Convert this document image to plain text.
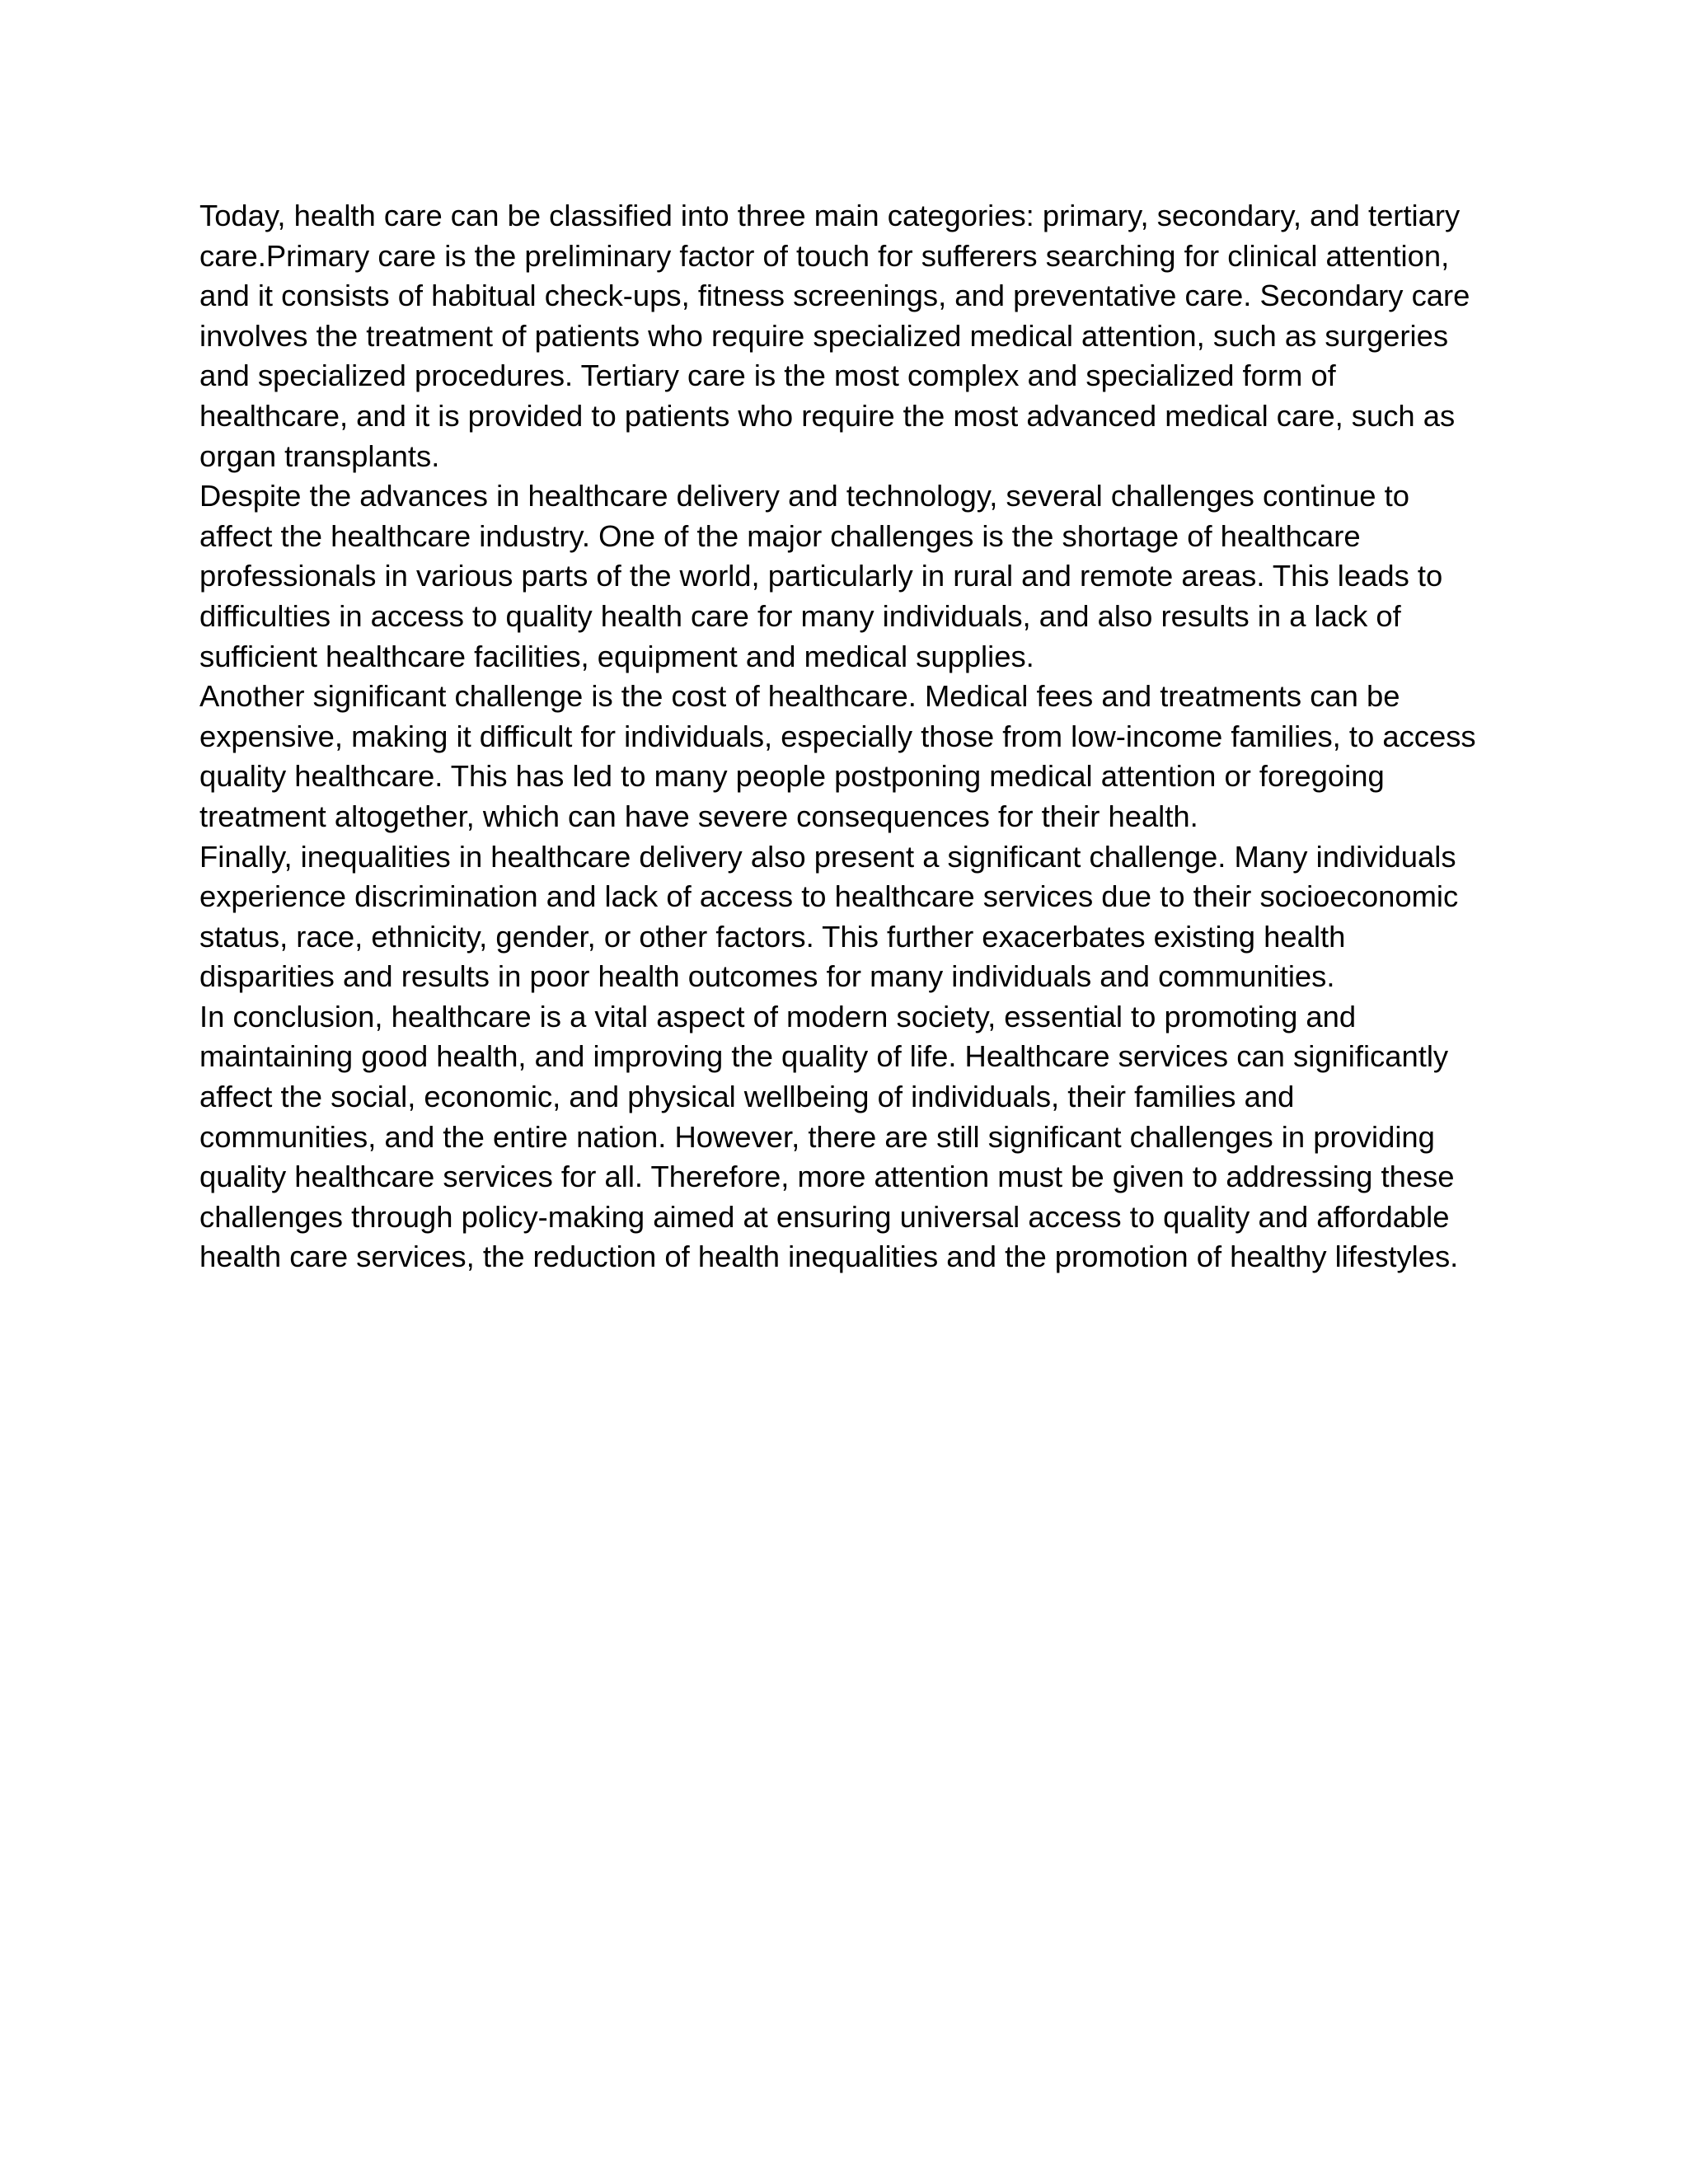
Today, health care can be classified into three main categories: primary, secondary, and tertiary
care.Primary care is the preliminary factor of touch for sufferers searching for clinical attention,
and it consists of habitual check-ups, fitness screenings, and preventative care. Secondary care
involves the treatment of patients who require specialized medical attention, such as surgeries
and specialized procedures. Tertiary care is the most complex and specialized form of
healthcare, and it is provided to patients who require the most advanced medical care, such as
organ transplants.

Despite the advances in healthcare delivery and technology, several challenges continue to
affect the healthcare industry. One of the major challenges is the shortage of healthcare
professionals in various parts of the world, particularly in rural and remote areas. This leads to
difficulties in access to quality health care for many individuals, and also results in a lack of
sufficient healthcare facilities, equipment and medical supplies.

Another significant challenge is the cost of healthcare. Medical fees and treatments can be
expensive, making it difficult for individuals, especially those from low-income families, to access
quality healthcare. This has led to many people postponing medical attention or foregoing
treatment altogether, which can have severe consequences for their health.

Finally, inequalities in healthcare delivery also present a significant challenge. Many individuals
experience discrimination and lack of access to healthcare services due to their socioeconomic
status, race, ethnicity, gender, or other factors. This further exacerbates existing health
disparities and results in poor health outcomes for many individuals and communities.

In conclusion, healthcare is a vital aspect of modern society, essential to promoting and
maintaining good health, and improving the quality of life. Healthcare services can significantly
affect the social, economic, and physical wellbeing of individuals, their families and
communities, and the entire nation. However, there are still significant challenges in providing
quality healthcare services for all. Therefore, more attention must be given to addressing these
challenges through policy-making aimed at ensuring universal access to quality and affordable
health care services, the reduction of health inequalities and the promotion of healthy lifestyles.
